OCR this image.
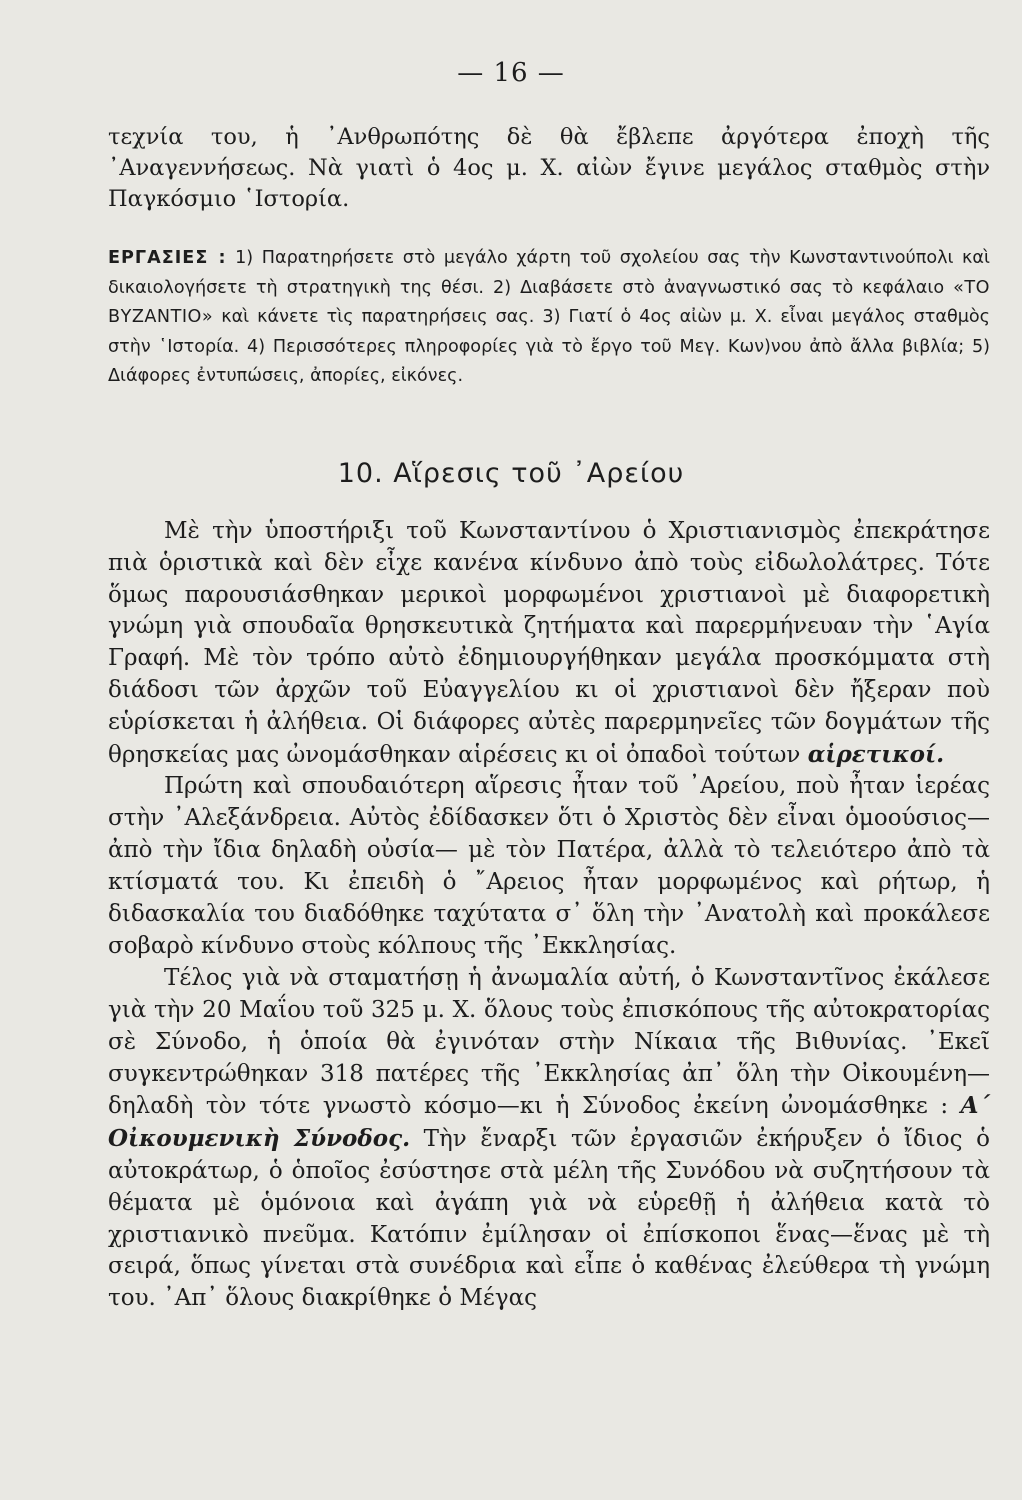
— 16 —

τεχνία του, ἡ ᾿Ανθρωπότης δὲ θὰ ἔβλεπε ἀργότερα ἐποχὴ τῆς ᾿Αναγεννήσεως. Νὰ γιατὶ ὁ 4ος μ. Χ. αἰὼν ἔγινε μεγάλος σταθμὸς στὴν Παγκόσμιο ῾Ιστορία.

ΕΡΓΑΣΙΕΣ : 1) Παρατηρήσετε στὸ μεγάλο χάρτη τοῦ σχολείου σας τὴν Κωνσταντινούπολι καὶ δικαιολογήσετε τὴ στρατηγικὴ της θέσι. 2) Διαβάσετε στὸ ἀναγνωστικό σας τὸ κεφάλαιο «ΤΟ ΒΥΖΑΝΤΙΟ» καὶ κάνετε τὶς παρατηρήσεις σας. 3) Γιατί ὁ 4ος αἰὼν μ. Χ. εἶναι μεγάλος σταθμὸς στὴν ῾Ιστορία. 4) Περισσότερες πληροφορίες γιὰ τὸ ἔργο τοῦ Μεγ. Κων)νου ἀπὸ ἄλλα βιβλία; 5) Διάφορες ἐντυπώσεις, ἀπορίες, εἰκόνες.

10. Αἵρεσις τοῦ ᾿Αρείου

Μὲ τὴν ὑποστήριξι τοῦ Κωνσταντίνου ὁ Χριστιανισμὸς ἐπεκράτησε πιὰ ὁριστικὰ καὶ δὲν εἶχε κανένα κίνδυνο ἀπὸ τοὺς εἰδωλολάτρες. Τότε ὅμως παρουσιάσθηκαν μερικοὶ μορφωμένοι χριστιανοὶ μὲ διαφορετικὴ γνώμη γιὰ σπουδαῖα θρησκευτικὰ ζητήματα καὶ παρερμήνευαν τὴν ῾Αγία Γραφή. Μὲ τὸν τρόπο αὐτὸ ἐδημιουργήθηκαν μεγάλα προσκόμματα στὴ διάδοσι τῶν ἀρχῶν τοῦ Εὐαγγελίου κι οἱ χριστιανοὶ δὲν ἤξεραν ποὺ εὑρίσκεται ἡ ἀλήθεια. Οἱ διάφορες αὐτὲς παρερμηνεῖες τῶν δογμάτων τῆς θρησκείας μας ὠνομάσθηκαν αἱρέσεις κι οἱ ὀπαδοὶ τούτων αἱρετικοί.

Πρώτη καὶ σπουδαιότερη αἵρεσις ἦταν τοῦ ᾿Αρείου, ποὺ ἦταν ἱερέας στὴν ᾿Αλεξάνδρεια. Αὐτὸς ἐδίδασκεν ὅτι ὁ Χριστὸς δὲν εἶναι ὁμοούσιος—ἀπὸ τὴν ἴδια δηλαδὴ οὐσία— μὲ τὸν Πατέρα, ἀλλὰ τὸ τελειότερο ἀπὸ τὰ κτίσματά του. Κι ἐπειδὴ ὁ ῎Αρειος ἦταν μορφωμένος καὶ ρήτωρ, ἡ διδασκαλία του διαδόθηκε ταχύτατα σ᾿ ὅλη τὴν ᾿Ανατολὴ καὶ προκάλεσε σοβαρὸ κίνδυνο στοὺς κόλπους τῆς ᾿Εκκλησίας.

Τέλος γιὰ νὰ σταματήσῃ ἡ ἀνωμαλία αὐτή, ὁ Κωνσταντῖνος ἐκάλεσε γιὰ τὴν 20 Μαΐου τοῦ 325 μ. Χ. ὅλους τοὺς ἐπισκόπους τῆς αὐτοκρατορίας σὲ Σύνοδο, ἡ ὁποία θὰ ἐγινόταν στὴν Νίκαια τῆς Βιθυνίας. ᾿Εκεῖ συγκεντρώθηκαν 318 πατέρες τῆς ᾿Εκκλησίας ἀπ᾿ ὅλη τὴν Οἰκουμένη—δηλαδὴ τὸν τότε γνωστὸ κόσμο—κι ἡ Σύνοδος ἐκείνη ὠνομάσθηκε : Α΄ Οἰκουμενικὴ Σύνοδος. Τὴν ἔναρξι τῶν ἐργασιῶν ἐκήρυξεν ὁ ἴδιος ὁ αὐτοκράτωρ, ὁ ὁποῖος ἐσύστησε στὰ μέλη τῆς Συνόδου νὰ συζητήσουν τὰ θέματα μὲ ὁμόνοια καὶ ἀγάπη γιὰ νὰ εὑρεθῇ ἡ ἀλήθεια κατὰ τὸ χριστιανικὸ πνεῦμα. Κατόπιν ἐμίλησαν οἱ ἐπίσκοποι ἕνας—ἕνας μὲ τὴ σειρά, ὅπως γίνεται στὰ συνέδρια καὶ εἶπε ὁ καθένας ἐλεύθερα τὴ γνώμη του. ᾿Απ᾿ ὅλους διακρίθηκε ὁ Μέγας
